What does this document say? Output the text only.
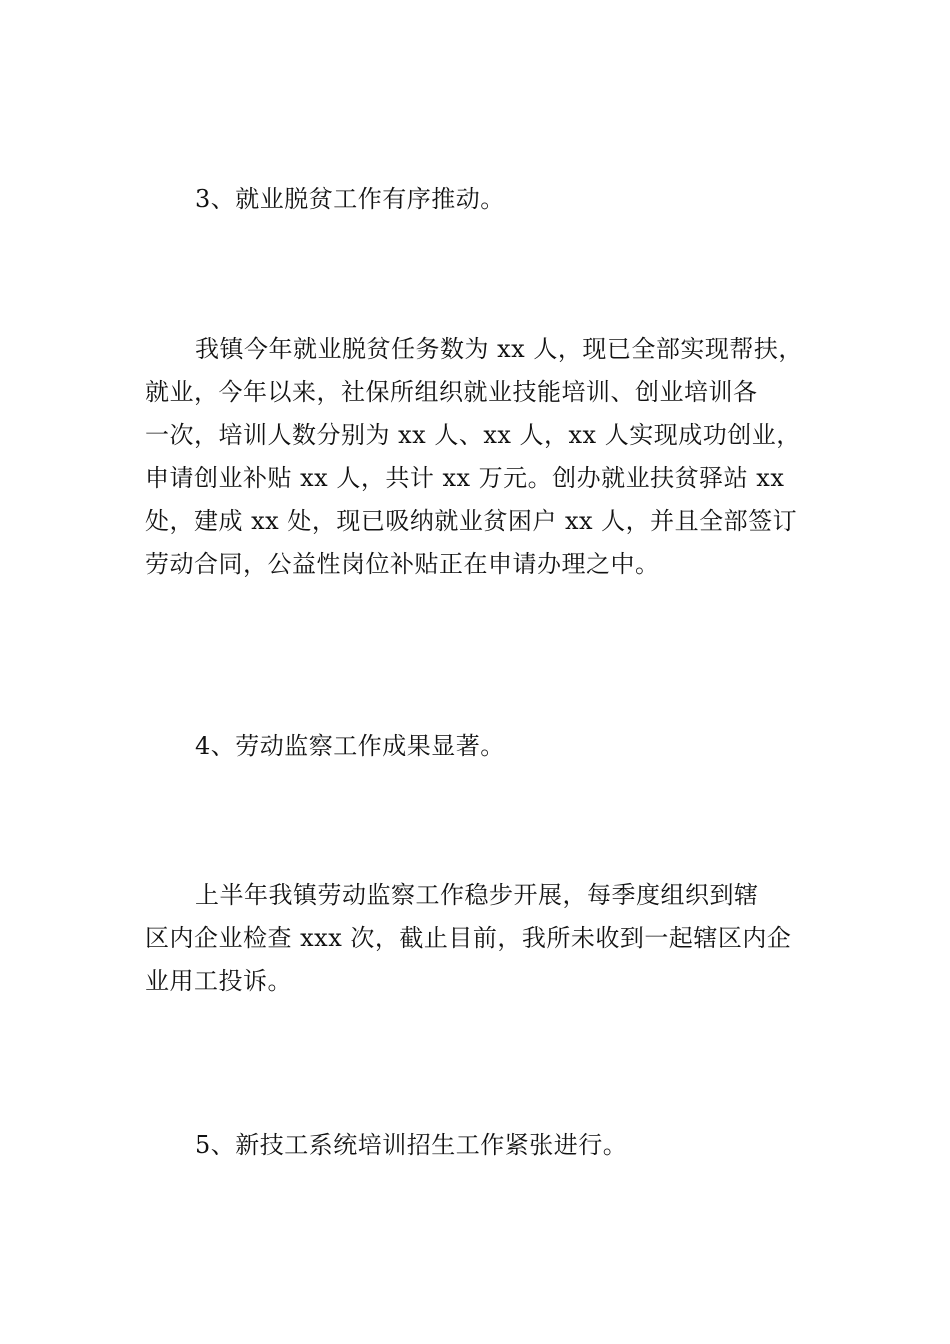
3、就业脱贫工作有序推动。

我镇今年就业脱贫任务数为 xx 人，现已全部实现帮扶，
就业，今年以来，社保所组织就业技能培训、创业培训各
一次，培训人数分别为 xx 人、xx 人，xx 人实现成功创业，
申请创业补贴 xx 人，共计 xx 万元。创办就业扶贫驿站 xx
处，建成 xx 处，现已吸纳就业贫困户 xx 人，并且全部签订
劳动合同，公益性岗位补贴正在申请办理之中。

4、劳动监察工作成果显著。

上半年我镇劳动监察工作稳步开展，每季度组织到辖
区内企业检查 xxx 次，截止目前，我所未收到一起辖区内企
业用工投诉。

5、新技工系统培训招生工作紧张进行。
